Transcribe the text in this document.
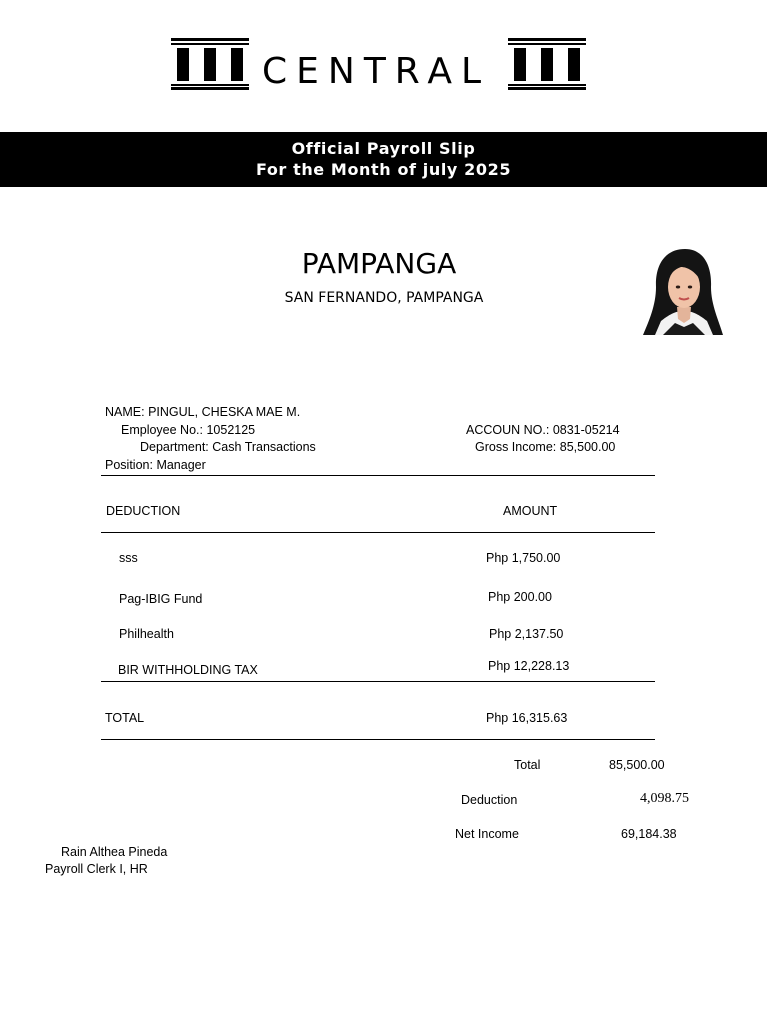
CENTRAL
Official Payroll Slip
For the Month of july 2025
PAMPANGA
SAN FERNANDO, PAMPANGA
NAME: PINGUL, CHESKA MAE M.
Employee No.: 1052125
Department: Cash Transactions
Position: Manager
ACCOUN NO.: 0831-05214
Gross Income: 85,500.00
DEDUCTION	AMOUNT
sss	Php 1,750.00
Pag-IBIG Fund	Php 200.00
Philhealth	Php 2,137.50
BIR WITHHOLDING TAX	Php 12,228.13
TOTAL	Php 16,315.63
Total	85,500.00
Deduction	4,098.75
Net Income	69,184.38
Rain Althea Pineda
Payroll Clerk I, HR
